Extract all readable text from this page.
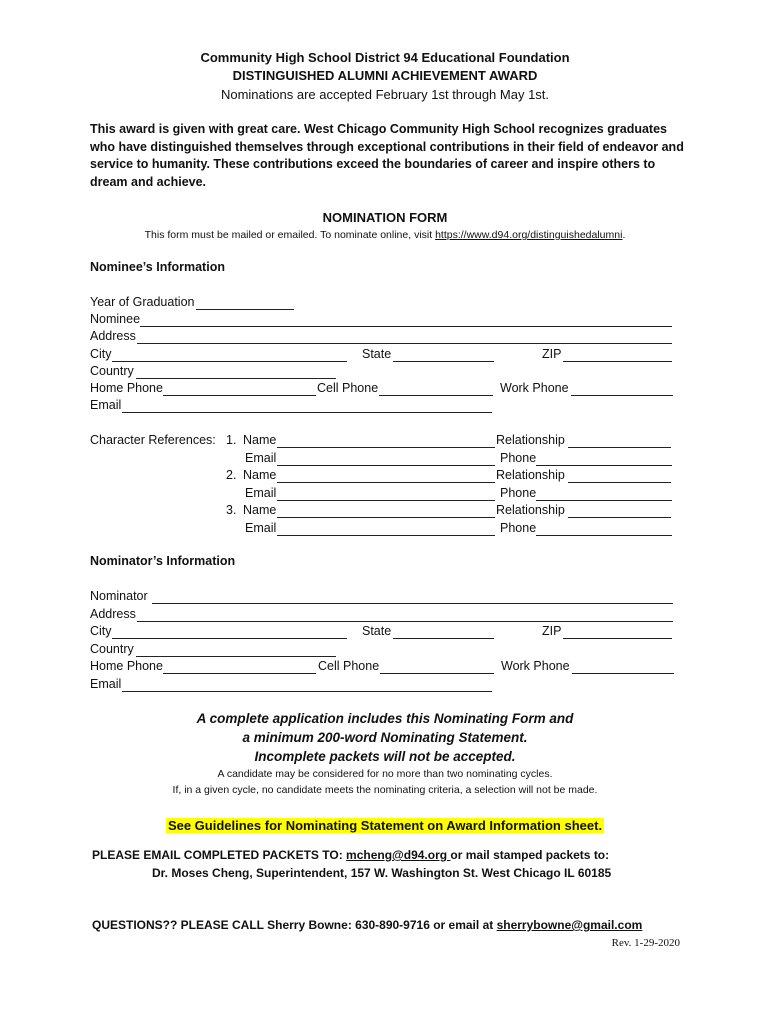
Community High School District 94 Educational Foundation
DISTINGUISHED ALUMNI ACHIEVEMENT AWARD
Nominations are accepted February 1st through May 1st.
This award is given with great care. West Chicago Community High School recognizes graduates who have distinguished themselves through exceptional contributions in their field of endeavor and service to humanity. These contributions exceed the boundaries of career and inspire others to dream and achieve.
NOMINATION FORM
This form must be mailed or emailed. To nominate online, visit https://www.d94.org/distinguishedalumni.
Nominee’s Information
Year of Graduation
Nominee
Address
City	State	ZIP
Country
Home Phone	Cell Phone	Work Phone
Email
Character References: 1. Name	Relationship
Email	Phone
2. Name	Relationship
Email	Phone
3. Name	Relationship
Email	Phone
Nominator’s Information
Nominator
Address
City	State	ZIP
Country
Home Phone	Cell Phone	Work Phone
Email
A complete application includes this Nominating Form and
a minimum 200-word Nominating Statement.
Incomplete packets will not be accepted.
A candidate may be considered for no more than two nominating cycles.
If, in a given cycle, no candidate meets the nominating criteria, a selection will not be made.
See Guidelines for Nominating Statement on Award Information sheet.
PLEASE EMAIL COMPLETED PACKETS TO: mcheng@d94.org or mail stamped packets to:
Dr. Moses Cheng, Superintendent, 157 W. Washington St. West Chicago IL 60185
QUESTIONS?? PLEASE CALL Sherry Bowne: 630-890-9716 or email at sherrybowne@gmail.com
Rev. 1-29-2020
